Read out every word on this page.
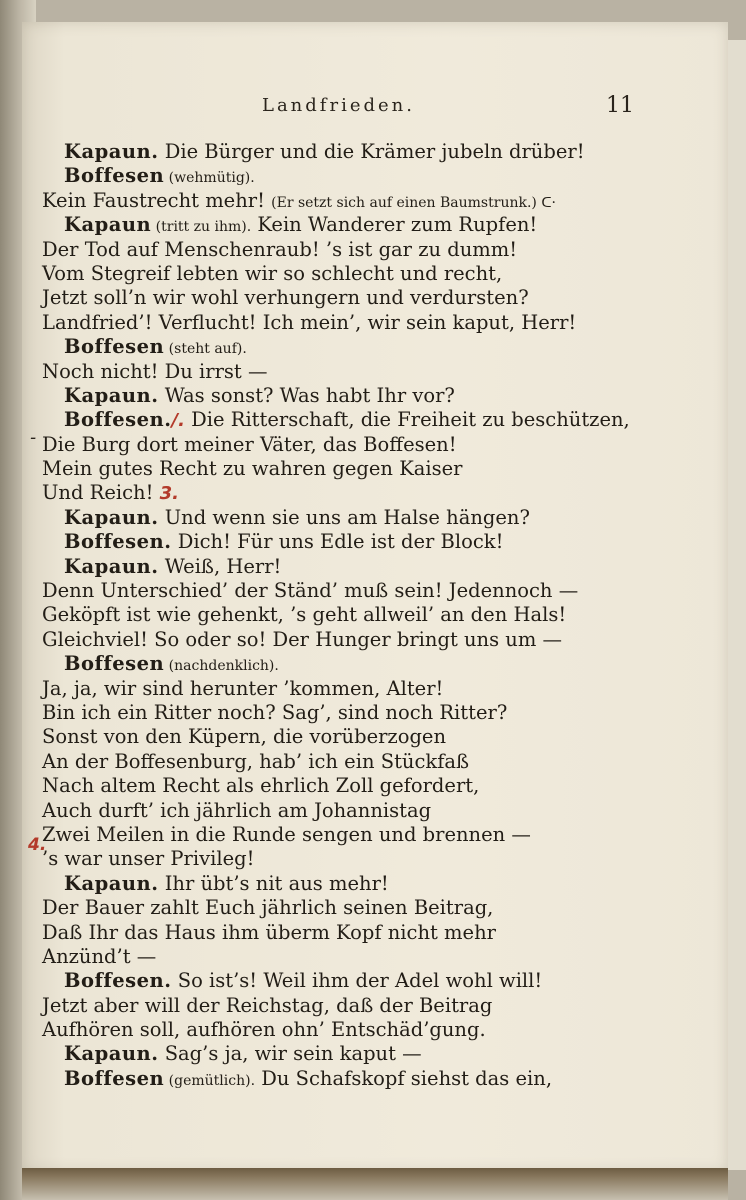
Landfrieden.	11
-
4.
Kapaun. Die Bürger und die Krämer jubeln drüber!
Boffesen (wehmütig).
Kein Faustrecht mehr! (Er setzt sich auf einen Baumstrunk.) ᑕ·
Kapaun (tritt zu ihm). Kein Wanderer zum Rupfen!
Der Tod auf Menschenraub! ’s ist gar zu dumm!
Vom Stegreif lebten wir so schlecht und recht,
Jetzt soll’n wir wohl verhungern und verdursten?
Landfried’! Verflucht! Ich mein’, wir sein kaput, Herr!
Boffesen (steht auf).
Noch nicht! Du irrst —
Kapaun. Was sonst? Was habt Ihr vor?
Boffesen./. Die Ritterschaft, die Freiheit zu beschützen,
Die Burg dort meiner Väter, das Boffesen!
Mein gutes Recht zu wahren gegen Kaiser
Und Reich! 3.
Kapaun. Und wenn sie uns am Halse hängen?
Boffesen. Dich! Für uns Edle ist der Block!
Kapaun. Weiß, Herr!
Denn Unterschied’ der Ständ’ muß sein! Jedennoch —
Geköpft ist wie gehenkt, ’s geht allweil’ an den Hals!
Gleichviel! So oder so! Der Hunger bringt uns um —
Boffesen (nachdenklich).
Ja, ja, wir sind herunter ’kommen, Alter!
Bin ich ein Ritter noch? Sag’, sind noch Ritter?
Sonst von den Küpern, die vorüberzogen
An der Boffesenburg, hab’ ich ein Stückfaß
Nach altem Recht als ehrlich Zoll gefordert,
Auch durft’ ich jährlich am Johannistag
Zwei Meilen in die Runde sengen und brennen —
’s war unser Privileg!
Kapaun. Ihr übt’s nit aus mehr!
Der Bauer zahlt Euch jährlich seinen Beitrag,
Daß Ihr das Haus ihm überm Kopf nicht mehr
Anzünd’t —
Boffesen. So ist’s! Weil ihm der Adel wohl will!
Jetzt aber will der Reichstag, daß der Beitrag
Aufhören soll, aufhören ohn’ Entschäd’gung.
Kapaun. Sag’s ja, wir sein kaput —
Boffesen (gemütlich). Du Schafskopf siehst das ein,
